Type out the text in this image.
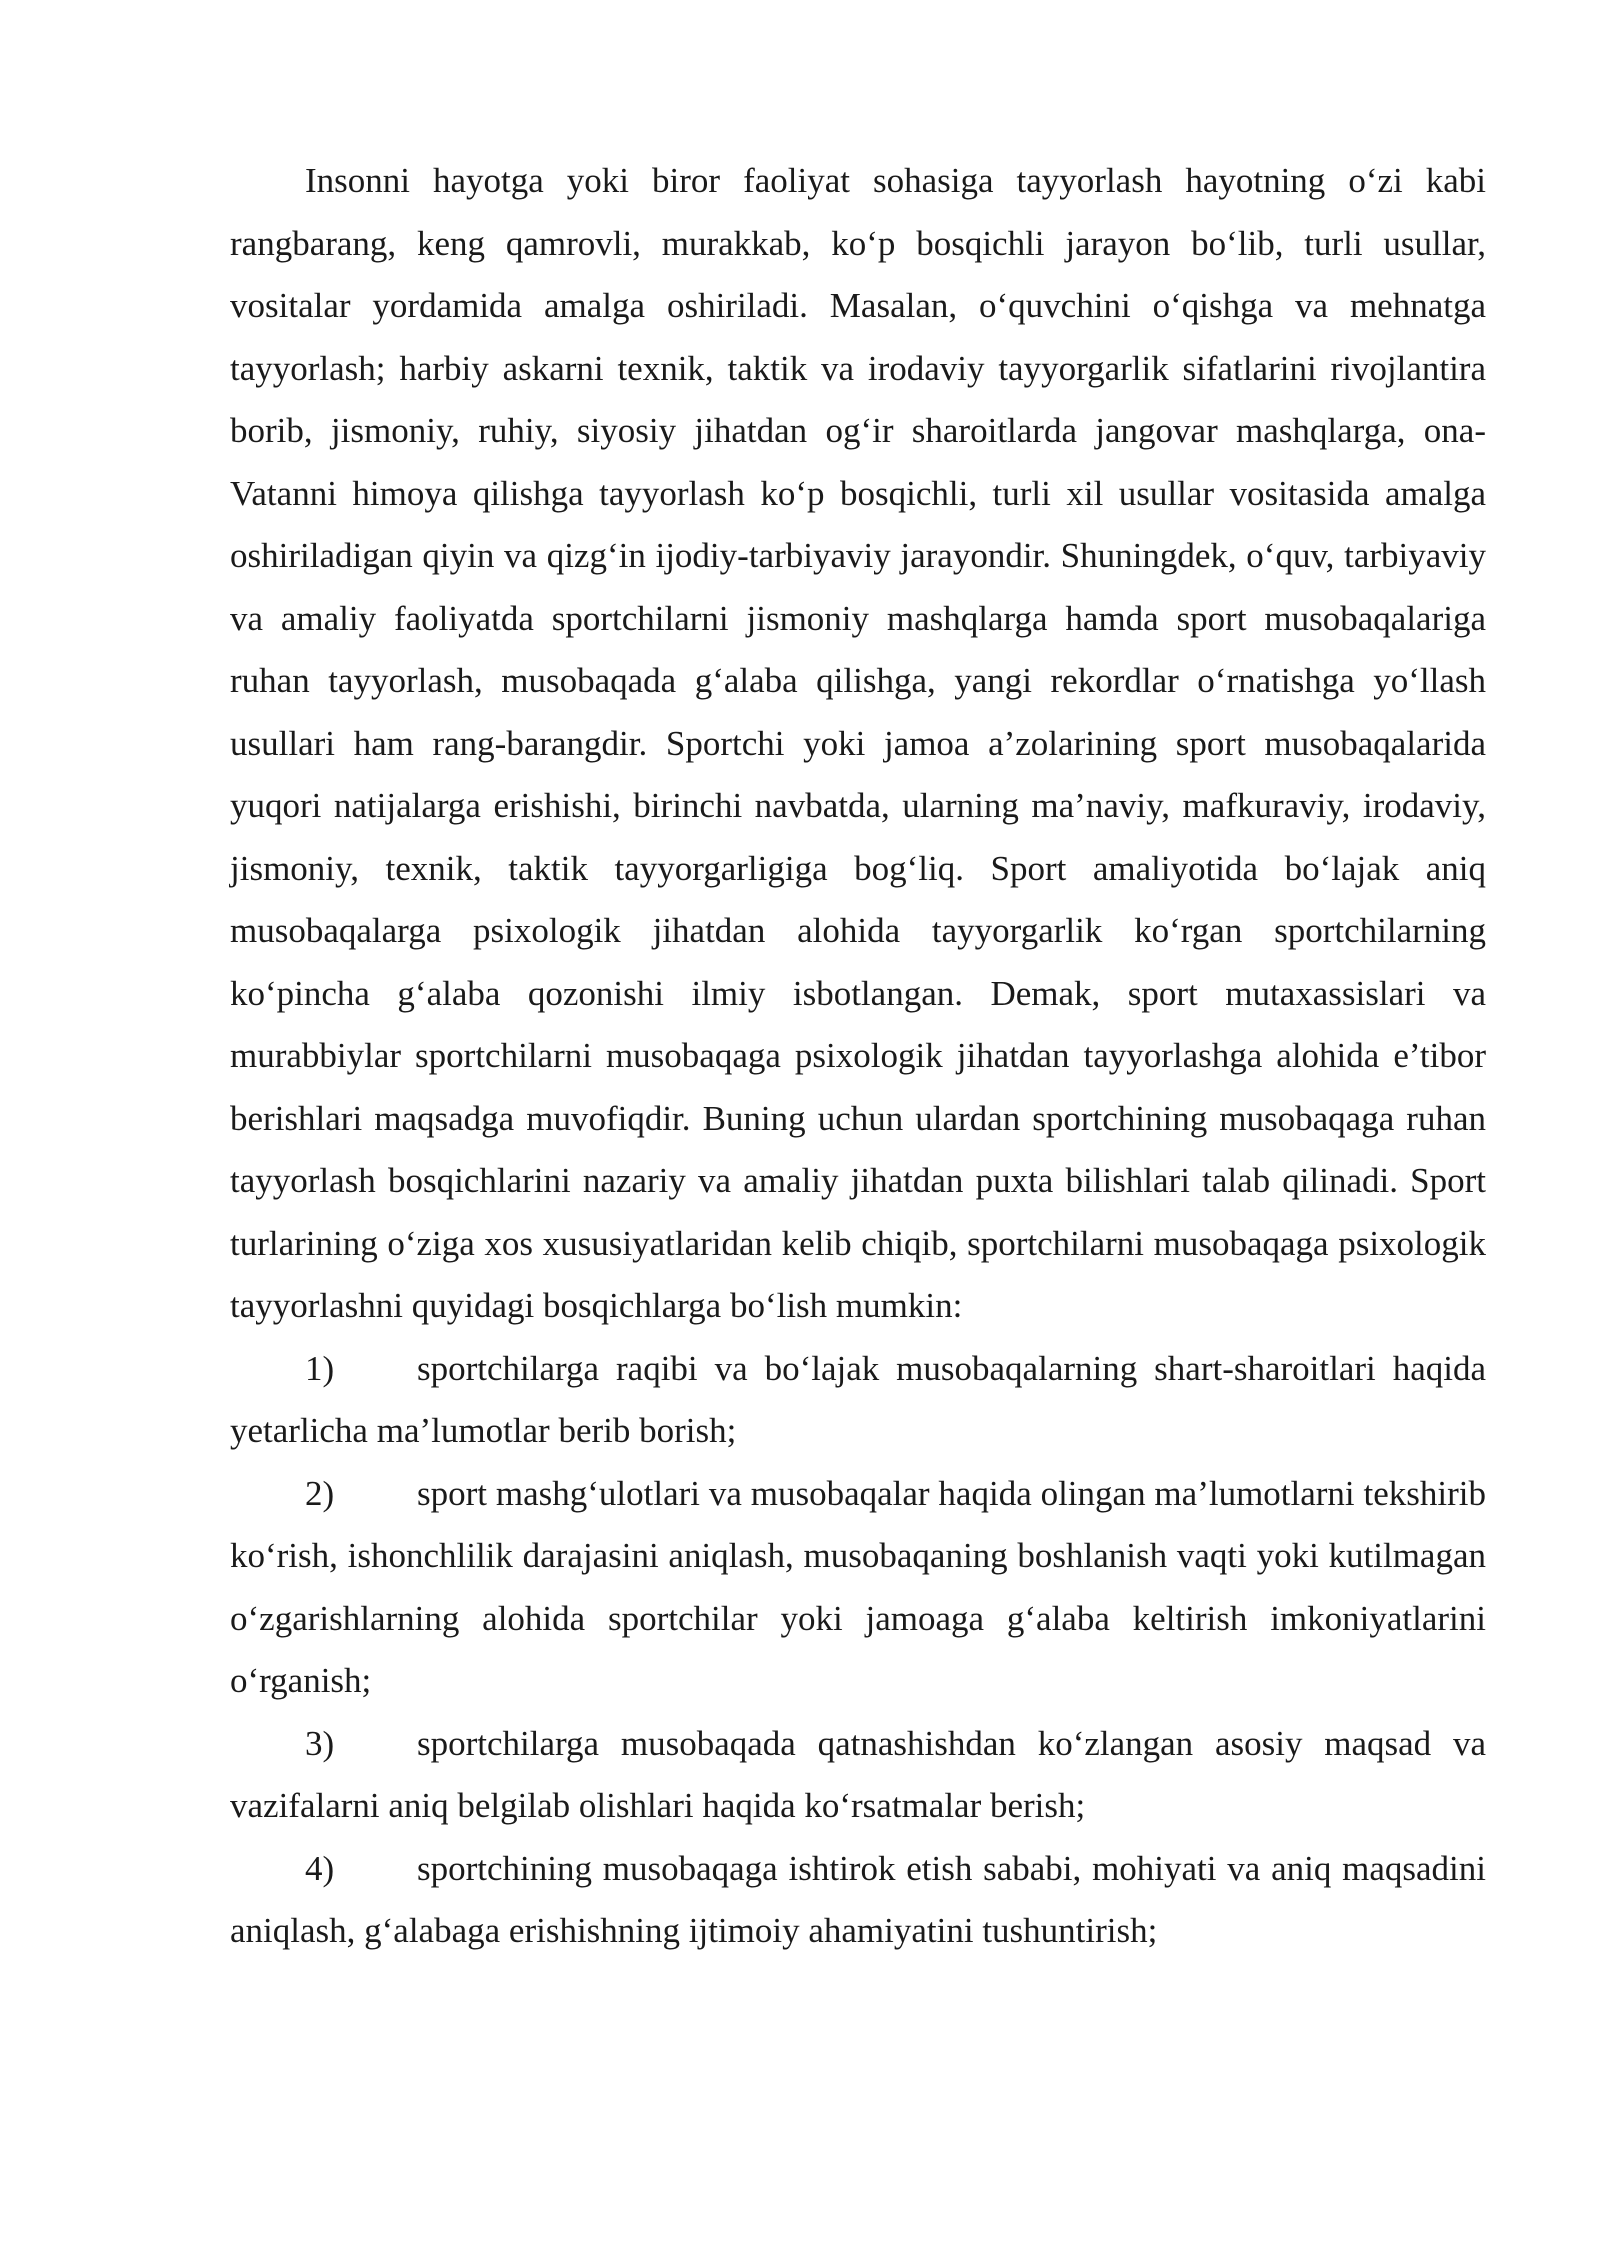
Insonni hayotga yoki biror faoliyat sohasiga tayyorlash hayotning o‘zi kabi rangbarang, keng qamrovli, murakkab, ko‘p bosqichli jarayon bo‘lib, turli usullar, vositalar yordamida amalga oshiriladi. Masalan, o‘quvchini o‘qishga va mehnatga tayyorlash; harbiy askarni texnik, taktik va irodaviy tayyorgarlik sifatlarini rivojlantira borib, jismoniy, ruhiy, siyosiy jihatdan og‘ir sharoitlarda jangovar mashqlarga, ona-Vatanni himoya qilishga tayyorlash ko‘p bosqichli, turli xil usullar vositasida amalga oshiriladigan qiyin va qizg‘in ijodiy-tarbiyaviy jarayondir. Shuningdek, o‘quv, tarbiyaviy va amaliy faoliyatda sportchilarni jismoniy mashqlarga hamda sport musobaqalariga ruhan tayyorlash, musobaqada g‘alaba qilishga, yangi rekordlar o‘rnatishga yo‘llash usullari ham rang-barangdir. Sportchi yoki jamoa a’zolarining sport musobaqalarida yuqori natijalarga erishishi, birinchi navbatda, ularning ma’naviy, mafkuraviy, irodaviy, jismoniy, texnik, taktik tayyorgarligiga bog‘liq. Sport amaliyotida bo‘lajak aniq musobaqalarga psixologik jihatdan alohida tayyorgarlik ko‘rgan sportchilarning ko‘pincha g‘alaba qozonishi ilmiy isbotlangan. Demak, sport mutaxassislari va murabbiylar sportchilarni musobaqaga psixologik jihatdan tayyorlashga alohida e’tibor berishlari maqsadga muvofiqdir. Buning uchun ulardan sportchining musobaqaga ruhan tayyorlash bosqichlarini nazariy va amaliy jihatdan puxta bilishlari talab qilinadi. Sport turlarining o‘ziga xos xususiyatlaridan kelib chiqib, sportchilarni musobaqaga psixologik tayyorlashni quyidagi bosqichlarga bo‘lish mumkin:

1) sportchilarga raqibi va bo‘lajak musobaqalarning shart-sharoitlari haqida yetarlicha ma’lumotlar berib borish;

2) sport mashg‘ulotlari va musobaqalar haqida olingan ma’lumotlarni tekshirib ko‘rish, ishonchlilik darajasini aniqlash, musobaqaning boshlanish vaqti yoki kutilmagan o‘zgarishlarning alohida sportchilar yoki jamoaga g‘alaba keltirish imkoniyatlarini o‘rganish;

3) sportchilarga musobaqada qatnashishdan ko‘zlangan asosiy maqsad va vazifalarni aniq belgilab olishlari haqida ko‘rsatmalar berish;

4) sportchining musobaqaga ishtirok etish sababi, mohiyati va aniq maqsadini aniqlash, g‘alabaga erishishning ijtimoiy ahamiyatini tushuntirish;
